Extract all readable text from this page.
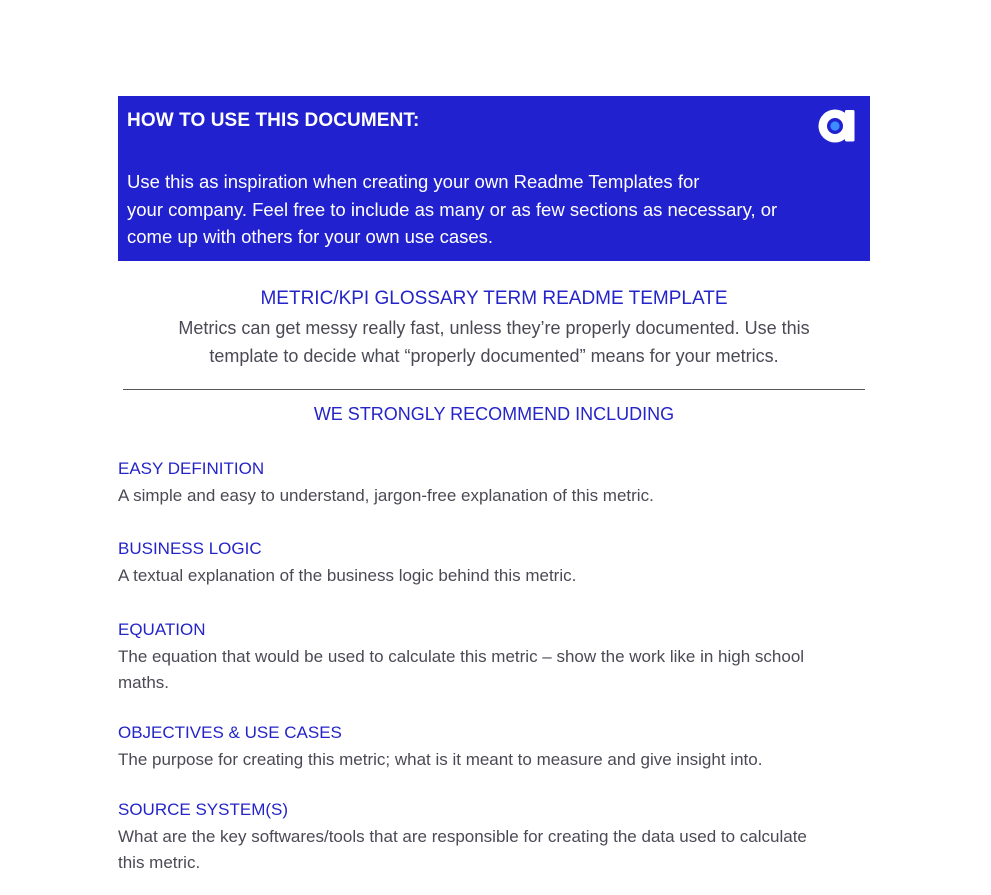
HOW TO USE THIS DOCUMENT:
Use this as inspiration when creating your own Readme Templates for
your company. Feel free to include as many or as few sections as necessary, or
come up with others for your own use cases.
a
METRIC/KPI GLOSSARY TERM README TEMPLATE
Metrics can get messy really fast, unless they’re properly documented. Use this
template to decide what “properly documented” means for your metrics.
WE STRONGLY RECOMMEND INCLUDING
EASY DEFINITION
A simple and easy to understand, jargon-free explanation of this metric.
BUSINESS LOGIC
A textual explanation of the business logic behind this metric.
EQUATION
The equation that would be used to calculate this metric – show the work like in high school
maths.
OBJECTIVES & USE CASES
The purpose for creating this metric; what is it meant to measure and give insight into.
SOURCE SYSTEM(S)
What are the key softwares/tools that are responsible for creating the data used to calculate
this metric.
